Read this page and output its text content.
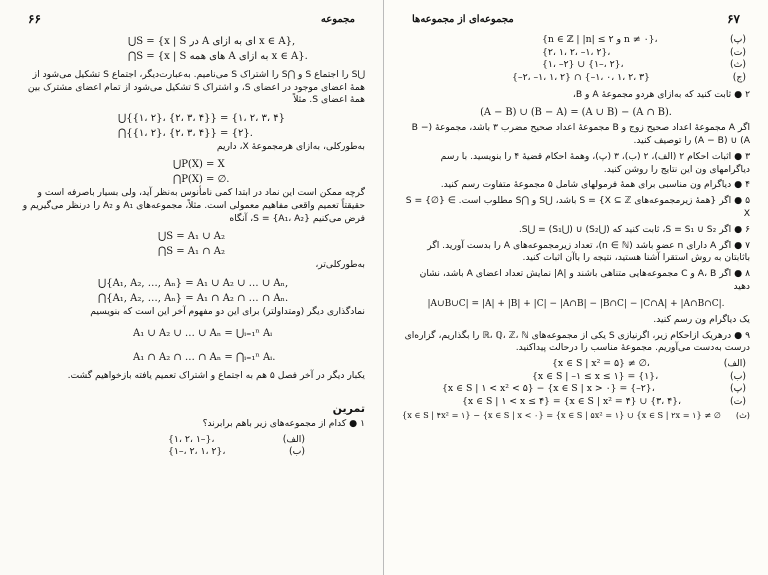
۶۶	مجموعه
⋃S = {x | S در A ای به ازای x ∈ A},
⋂S = {x | S های همه A به ازای x ∈ A}.

⋃S را اجتماع S و ⋂S را اشتراک S می‌نامیم. به‌عبارت‌دیگر، اجتماع S تشکیل می‌شود از همهٔ اعضای موجود در اعضای S، و اشتراک S تشکیل می‌شود از تمام اعضای مشترک بین همهٔ اعضای S. مثلاً

⋃{{۱، ۲}، {۲، ۳، ۴}} = {۱، ۲، ۳، ۴}
⋂{{۱، ۲}، {۲، ۳، ۴}} = {۲}.

به‌طورکلی، به‌ازای هرمجموعهٔ X، داریم

⋃P(X) = X
⋂P(X) = ∅.

گرچه ممکن است این نماد در ابتدا کمی نامأنوس به‌نظر آید، ولی بسیار باصرفه است و حقیقتاً تعمیم واقعی مفاهیم معمولی است. مثلاً، مجموعه‌های A₁ و A₂ را درنظر می‌گیریم و فرض می‌کنیم S = {A₁، A₂}، آنگاه

⋃S = A₁ ∪ A₂
⋂S = A₁ ∩ A₂

به‌طورکلی‌تر،

⋃{A₁, A₂, …, Aₙ} = A₁ ∪ A₂ ∪ … ∪ Aₙ,
⋂{A₁, A₂, …, Aₙ} = A₁ ∩ A₂ ∩ … ∩ Aₙ.

نمادگذاری دیگر (ومتداولتر) برای این دو مفهوم آخر این است که بنویسیم

A₁ ∪ A₂ ∪ … ∪ Aₙ = ⋃ᵢ₌₁ⁿ Aᵢ
A₁ ∩ A₂ ∩ … ∩ Aₙ = ⋂ᵢ₌₁ⁿ Aᵢ.

یکبار دیگر در آخر فصل ۵ هم به اجتماع و اشتراک تعمیم یافته بازخواهیم گشت.

تمرین

۱ ● کدام از مجموعه‌های زیر باهم برابرند؟

{۱، ۲، ۱–}،	(الف)
{۱–، ۲، ۱، ۲}،	(ب)
مجموعه‌ای از مجموعه‌ها	۶۷
{n ∈ ℤ | |n| ≤ ۲ و n ≠ ۰}،	(پ)
{۲، ۱، ۲، –۱، ۲}،	(ت)
{۱، –۲} ∪ {۱–، ۲}،	(ث)
{–۲، –۱، ۱، ۲} ∩ {–۱، ۰، ۱، ۲، ۳}	(ج)

۲ ● ثابت کنید که به‌ازای هردو مجموعهٔ A و B،

(A − B) ∪ (B − A) = (A ∪ B) − (A ∩ B).

اگر A مجموعهٔ اعداد صحیح زوج و B مجموعهٔ اعداد صحیح مضرب ۳ باشد، مجموعهٔ (B − A) ∪ (A − B) را توصیف کنید.

۳ ● اثبات احکام ۲ (الف)، ۲ (ب)، ۳ (پ)، وهمهٔ احکام قضیهٔ ۴ را بنویسید. با رسم دیاگرامهای ون این نتایج را روشن کنید.

۴ ● دیاگرام ون مناسبی برای همهٔ فرمولهای شامل ۵ مجموعهٔ متفاوت رسم کنید.

۵ ● اگر {همهٔ زیرمجموعه‌های X ⊆ ℤ} = S باشد، ⋃S و ⋂S مطلوب است. S = {∅} ∈ X

۶ ● اگر S = S₁ ∪ S₂، ثابت کنید که (⋃S₂) ∪ (⋃S₁) = ⋃S.

۷ ● اگر A دارای n عضو باشد (n ∈ ℕ)، تعداد زیرمجموعه‌های A را بدست آورید. اگر باثابتان به روش استقرا آشنا هستید، نتیجه را باآن اثبات کنید.

۸ ● اگر A، B و C مجموعه‌هایی متناهی باشند و |A| نمایش تعداد اعضای A باشد، نشان دهید

|A∪B∪C| = |A| + |B| + |C| − |A∩B| − |B∩C| − |C∩A| + |A∩B∩C|.

یک دیاگرام ون رسم کنید.

۹ ● درهریک ازاحکام زیر، اگرنیازی S یکی از مجموعه‌های ℝ، ℚ، ℤ، ℕ را بگذاریم، گزاره‌ای درست به‌دست می‌آوریم. مجموعهٔ مناسب را درحالت پیداکنید.

{x ∈ S | x² = ۵} ≠ ∅،	(الف)
{x ∈ S | –۱ ≤ x ≤ ۱} = {۱}،	(ب)
{x ∈ S | ۱ < x² < ۵} − {x ∈ S | x > ۰} = {–۲}،	(پ)
{x ∈ S | ۱ < x ≤ ۴} = {x ∈ S | x² = ۴} ∪ {۳، ۴}،	(ت)
{x ∈ S | ۴x² = ۱} − {x ∈ S | x < ۰} = {x ∈ S | ۵x² = ۱} ∪ {x ∈ S | ۲x = ۱} ≠ ∅ (ث)
